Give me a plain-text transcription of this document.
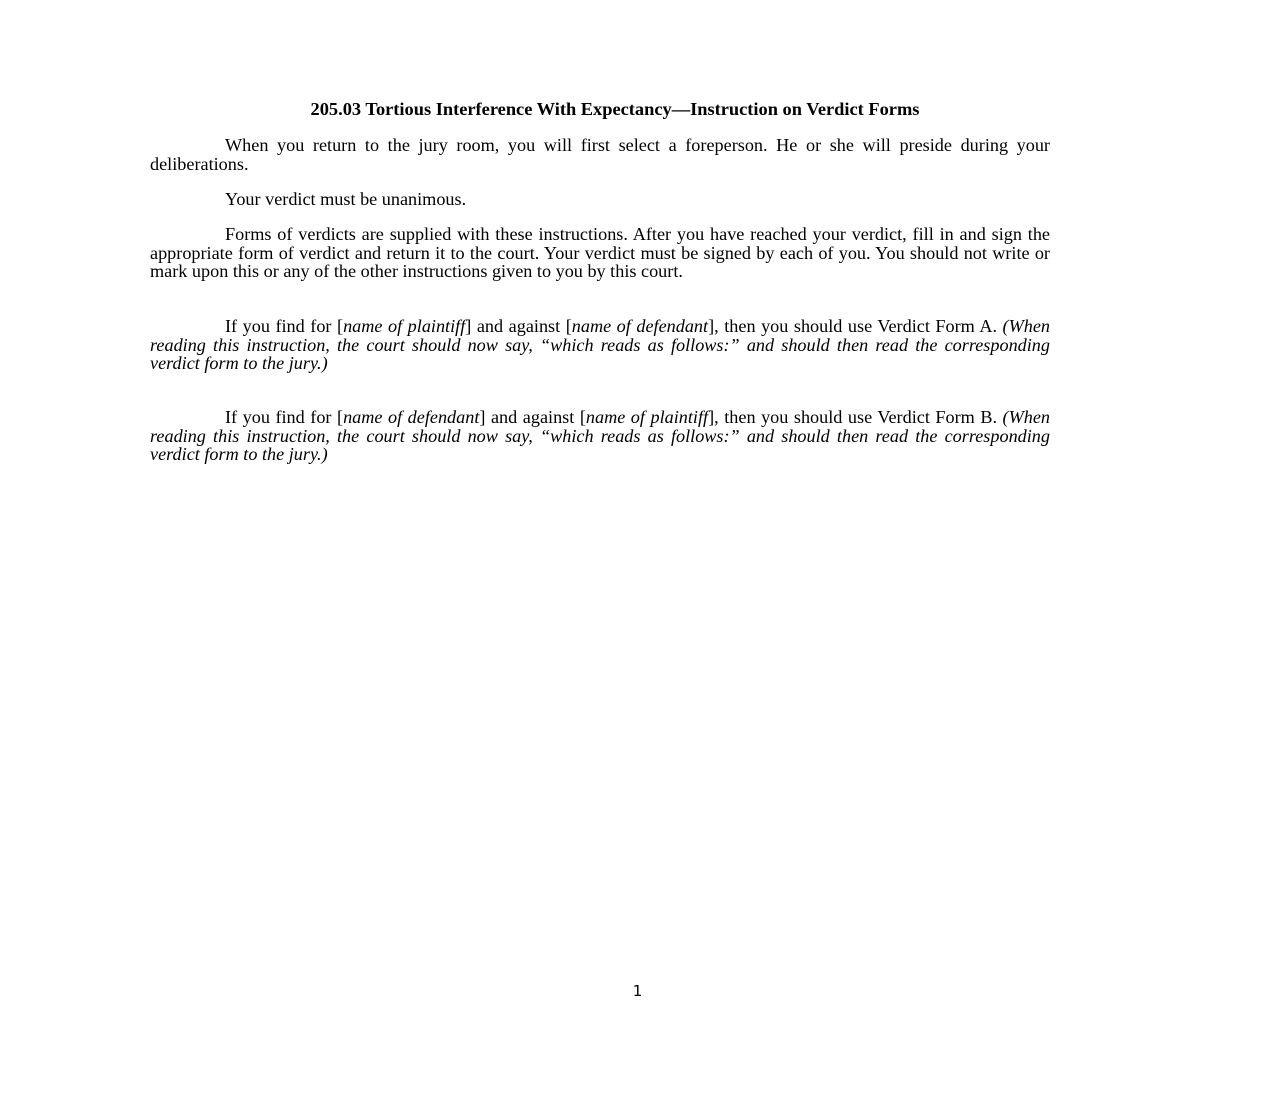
205.03 Tortious Interference With Expectancy—Instruction on Verdict Forms

When you return to the jury room, you will first select a foreperson. He or she will preside during your deliberations.

Your verdict must be unanimous.

Forms of verdicts are supplied with these instructions. After you have reached your verdict, fill in and sign the appropriate form of verdict and return it to the court. Your verdict must be signed by each of you. You should not write or mark upon this or any of the other instructions given to you by this court.

If you find for [name of plaintiff] and against [name of defendant], then you should use Verdict Form A. (When reading this instruction, the court should now say, “which reads as follows:” and should then read the corresponding verdict form to the jury.)

If you find for [name of defendant] and against [name of plaintiff], then you should use Verdict Form B. (When reading this instruction, the court should now say, “which reads as follows:” and should then read the corresponding verdict form to the jury.)

1
